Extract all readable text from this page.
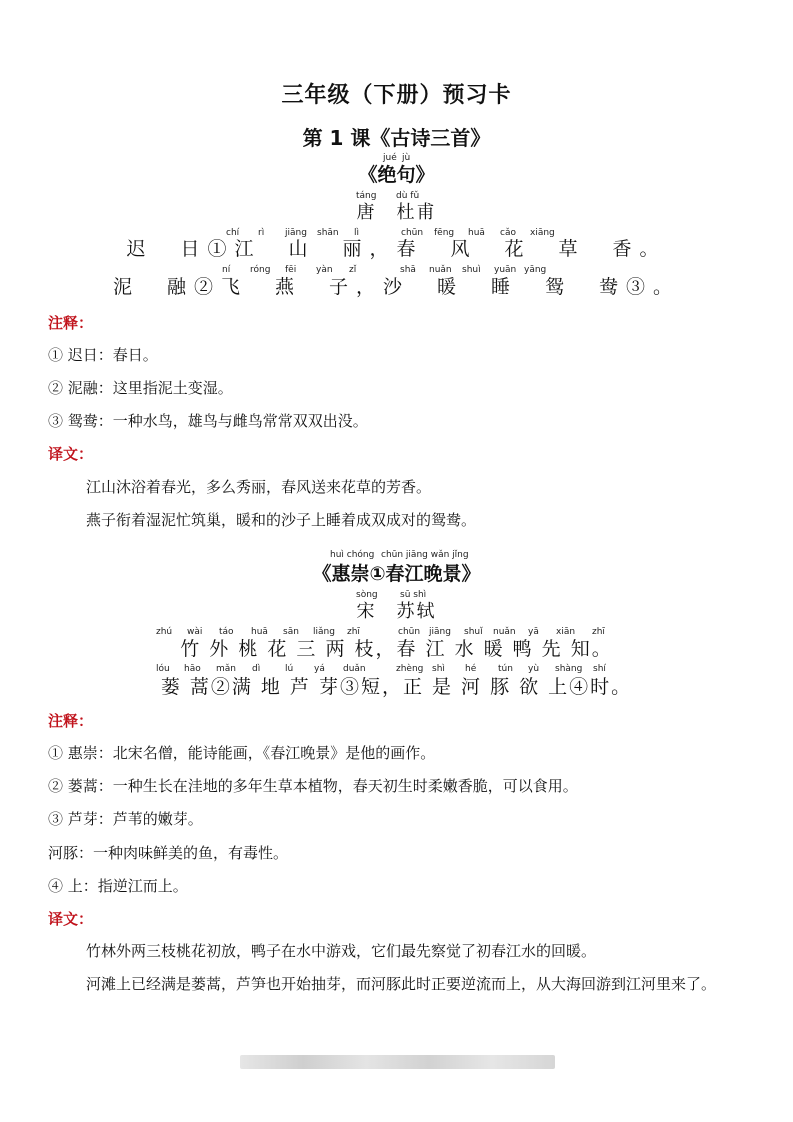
三年级（下册）预习卡
第 1 课《古诗三首》
jué jù
《绝句》
táng dù fǔ
唐　杜甫
chí rì jiāng shān lì	chūn fēng huā cǎo xiāng
迟　日①江　山　丽，春　风　花　草　香。
ní róng fēi yàn zǐ	shā nuǎn shuì yuān yāng
泥　融②飞　燕　子，沙　暖　睡　鸳　鸯③。
注释：
① 迟日：春日。
② 泥融：这里指泥土变湿。
③ 鸳鸯：一种水鸟，雄鸟与雌鸟常常双双出没。
译文：
江山沐浴着春光，多么秀丽，春风送来花草的芳香。
燕子衔着湿泥忙筑巢，暖和的沙子上睡着成双成对的鸳鸯。
huì chóng chūn jiāng wǎn jǐng
《惠崇①春江晚景》
sòng sū shì
宋　苏轼
zhú wài táo huā sān liǎng zhī	chūn jiāng shuǐ nuǎn yā xiān zhī
竹 外 桃 花 三 两 枝，春 江 水 暖 鸭 先 知。
lóu hāo mǎn dì	lú yá duǎn	zhèng shì hé tún yù shàng shí
蒌 蒿②满 地 芦 芽③短，正 是 河 豚 欲 上④时。
注释：
① 惠崇：北宋名僧，能诗能画，《春江晚景》是他的画作。
② 蒌蒿：一种生长在洼地的多年生草本植物，春天初生时柔嫩香脆，可以食用。
③ 芦芽：芦苇的嫩芽。
河豚：一种肉味鲜美的鱼，有毒性。
④ 上：指逆江而上。
译文：
竹林外两三枝桃花初放，鸭子在水中游戏，它们最先察觉了初春江水的回暖。
河滩上已经满是蒌蒿，芦笋也开始抽芽，而河豚此时正要逆流而上，从大海回游到江河里来了。
